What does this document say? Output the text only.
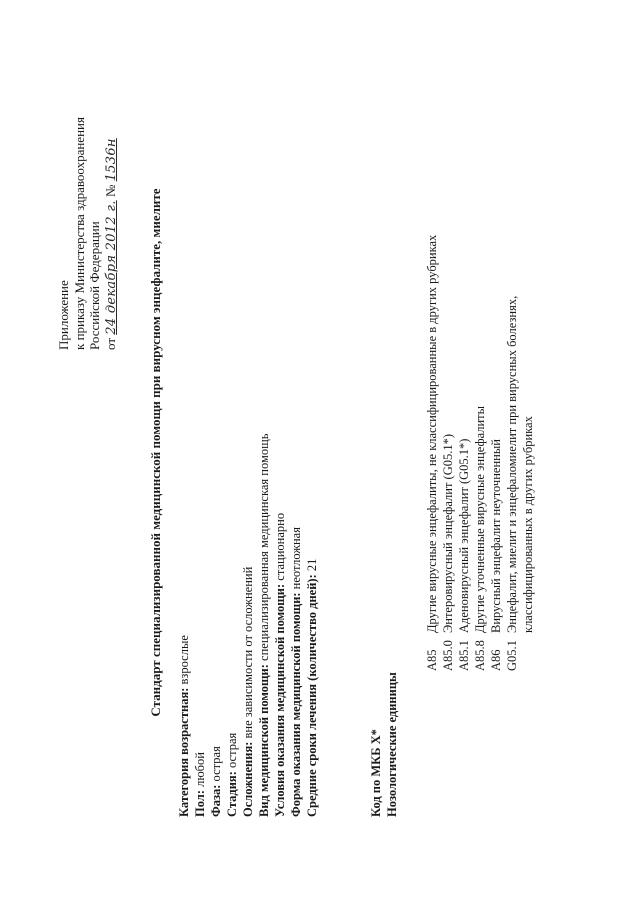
Приложение к приказу Министерства здравоохранения Российской Федерации от 24 декабря 2012 г. № 1536н
Стандарт специализированной медицинской помощи при вирусном энцефалите, миелите
Категория возрастная: взрослые
Пол: любой
Фаза: острая
Стадия: острая Осложнения: вне зависимости от осложнений Вид медицинской помощи: специализированная медицинская помощь
Условия оказания медицинской помощи: стационарно
Форма оказания медицинской помощи: неотложная
Средние сроки лечения (количество дней): 21
Код по МКБ X* Нозологические единицы
A85
Другие вирусные энцефалиты, не классифицированные в других рубриках
A85.0
Энтеровирусный энцефалит (G05.1*)
A85.1
Аденовирусный энцефалит (G05.1*)
A85.8
Другие уточненные вирусные энцефалиты
A86
Вирусный энцефалит неуточненный
G05.1
Энцефалит, миелит и энцефаломиелит при вирусных болезнях, классифицированных в других рубриках
